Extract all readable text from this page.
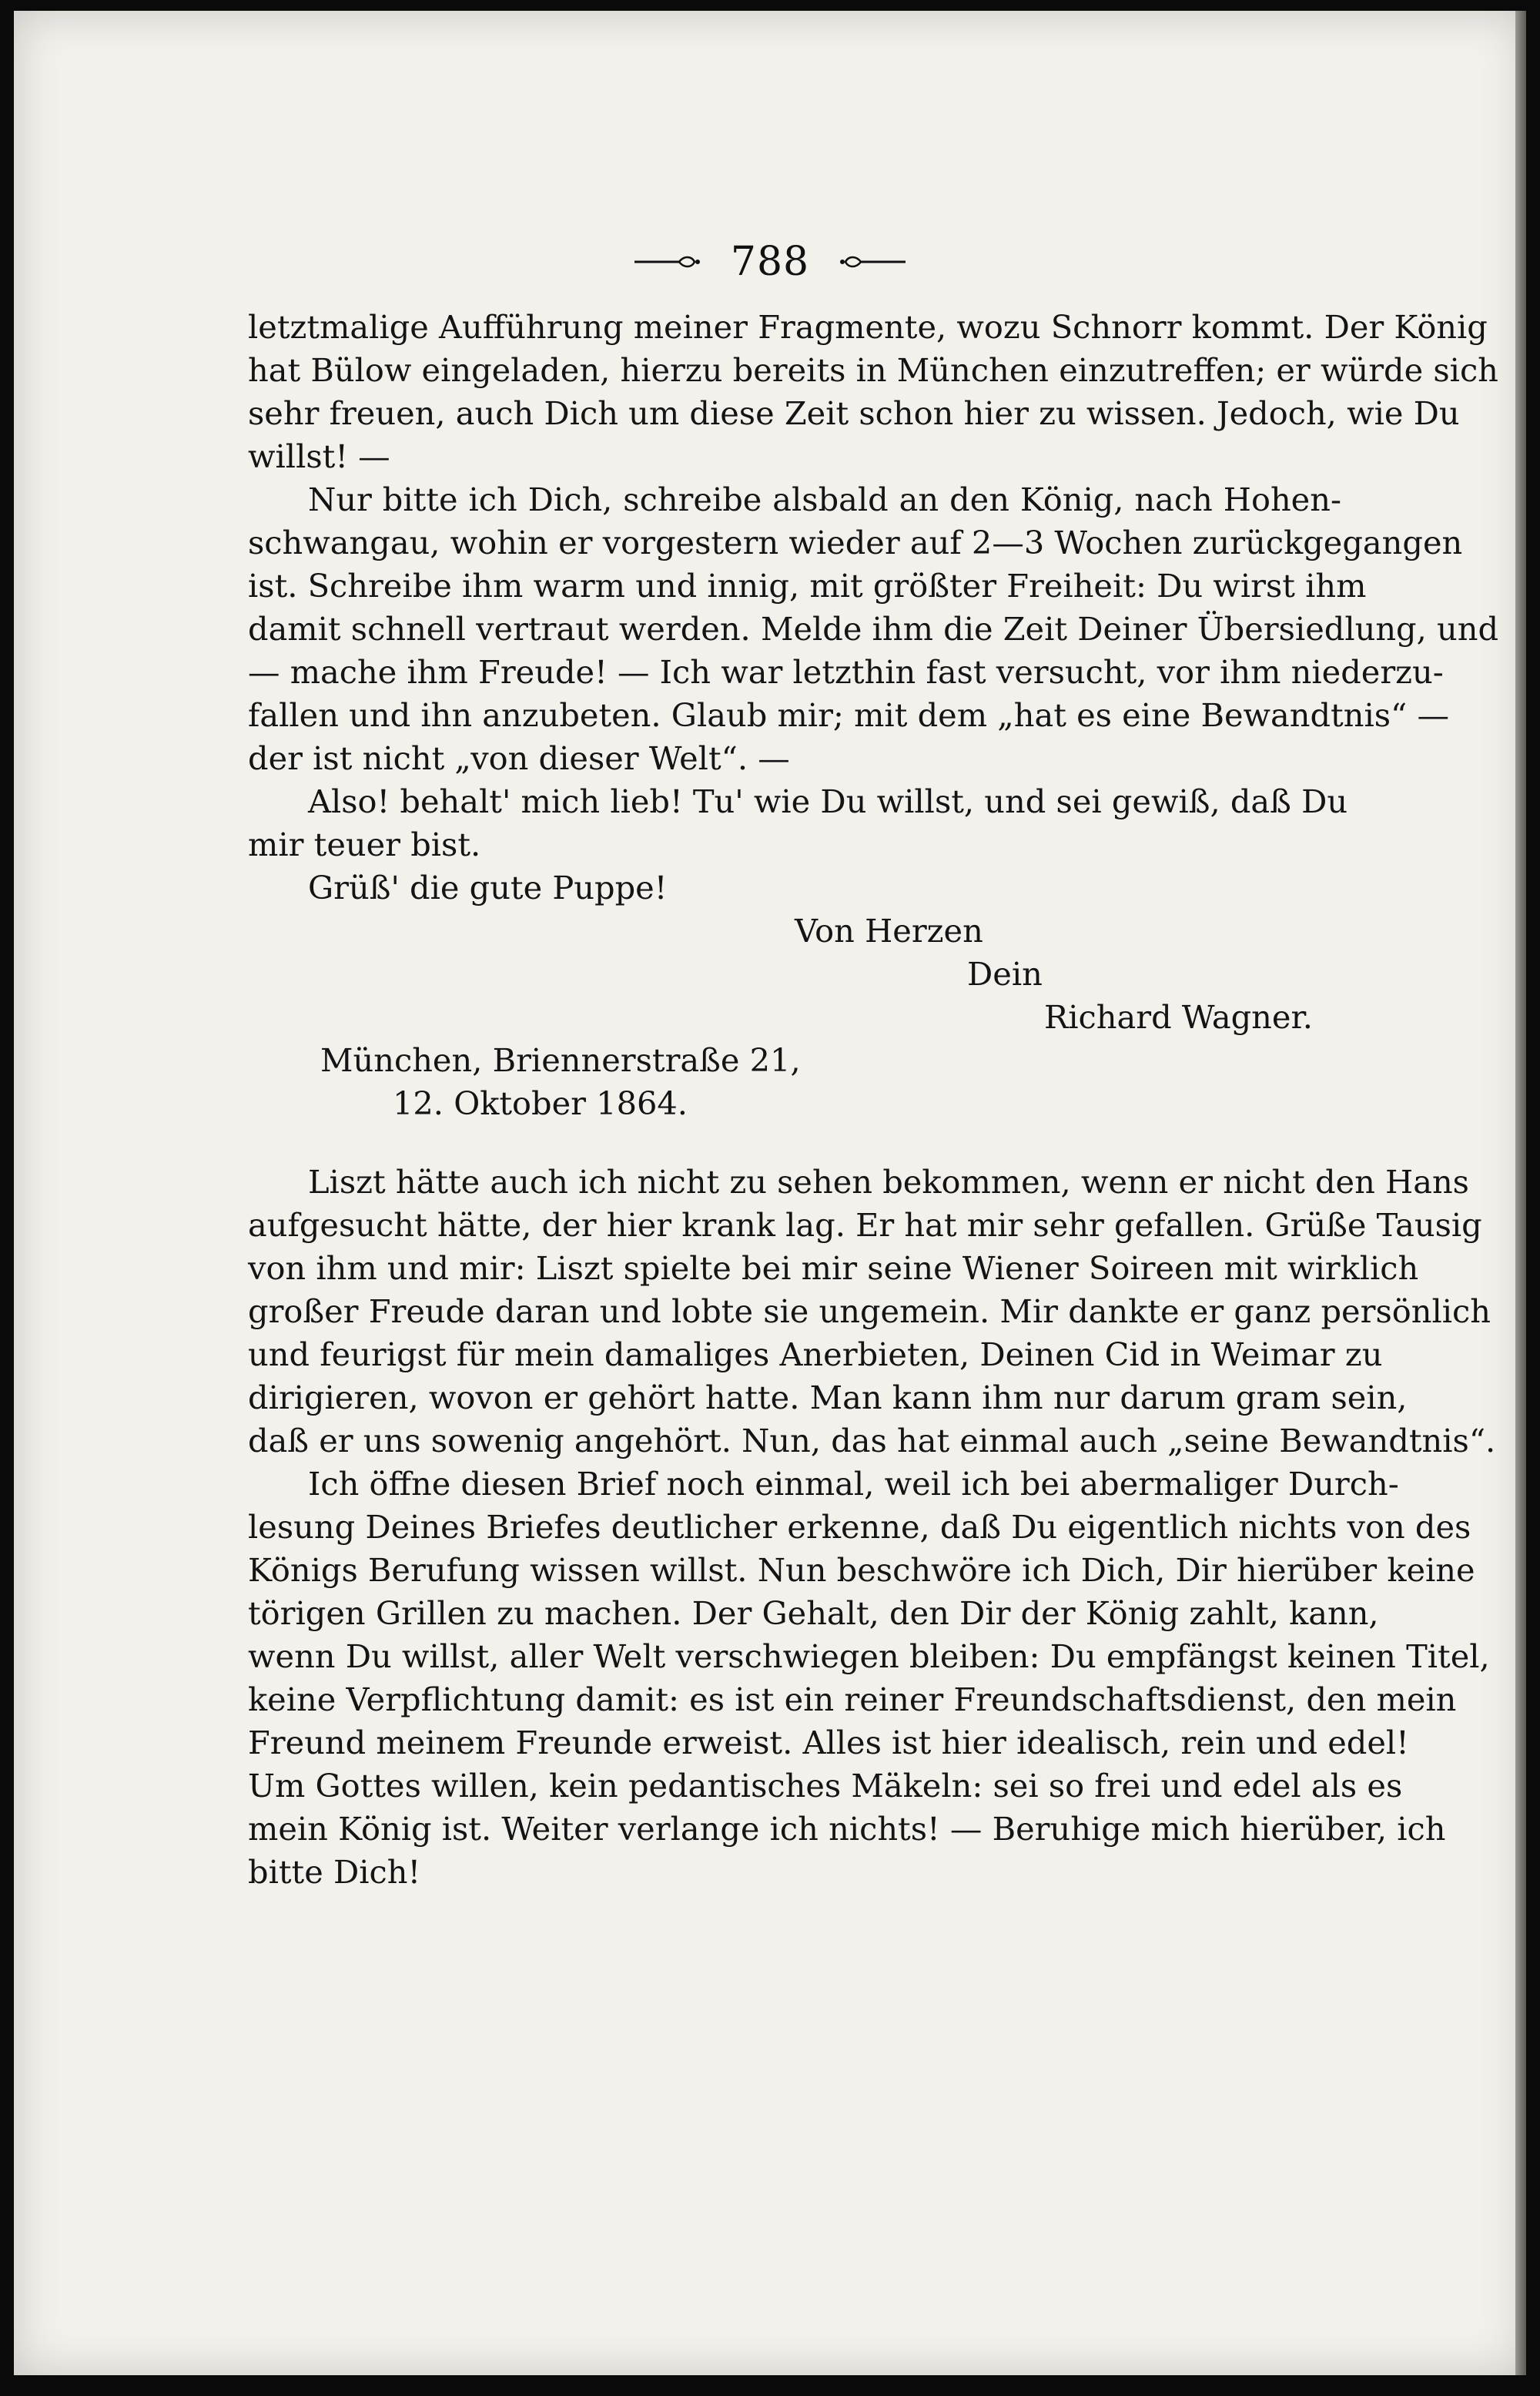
788
letztmalige Aufführung meiner Fragmente, wozu Schnorr kommt. Der König
hat Bülow eingeladen, hierzu bereits in München einzutreffen; er würde sich
sehr freuen, auch Dich um diese Zeit schon hier zu wissen. Jedoch, wie Du
willst! —
Nur bitte ich Dich, schreibe alsbald an den König, nach Hohen-
schwangau, wohin er vorgestern wieder auf 2—3 Wochen zurückgegangen
ist. Schreibe ihm warm und innig, mit größter Freiheit: Du wirst ihm
damit schnell vertraut werden. Melde ihm die Zeit Deiner Übersiedlung, und
— mache ihm Freude! — Ich war letzthin fast versucht, vor ihm niederzu-
fallen und ihn anzubeten. Glaub mir; mit dem „hat es eine Bewandtnis“ —
der ist nicht „von dieser Welt“. —
Also! behalt' mich lieb! Tu' wie Du willst, und sei gewiß, daß Du
mir teuer bist.
Grüß' die gute Puppe!
Von Herzen
Dein
Richard Wagner.
München, Briennerstraße 21,
12. Oktober 1864.
Liszt hätte auch ich nicht zu sehen bekommen, wenn er nicht den Hans
aufgesucht hätte, der hier krank lag. Er hat mir sehr gefallen. Grüße Tausig
von ihm und mir: Liszt spielte bei mir seine Wiener Soireen mit wirklich
großer Freude daran und lobte sie ungemein. Mir dankte er ganz persönlich
und feurigst für mein damaliges Anerbieten, Deinen Cid in Weimar zu
dirigieren, wovon er gehört hatte. Man kann ihm nur darum gram sein,
daß er uns sowenig angehört. Nun, das hat einmal auch „seine Bewandtnis“.
Ich öffne diesen Brief noch einmal, weil ich bei abermaliger Durch-
lesung Deines Briefes deutlicher erkenne, daß Du eigentlich nichts von des
Königs Berufung wissen willst. Nun beschwöre ich Dich, Dir hierüber keine
törigen Grillen zu machen. Der Gehalt, den Dir der König zahlt, kann,
wenn Du willst, aller Welt verschwiegen bleiben: Du empfängst keinen Titel,
keine Verpflichtung damit: es ist ein reiner Freundschaftsdienst, den mein
Freund meinem Freunde erweist. Alles ist hier idealisch, rein und edel!
Um Gottes willen, kein pedantisches Mäkeln: sei so frei und edel als es
mein König ist. Weiter verlange ich nichts! — Beruhige mich hierüber, ich
bitte Dich!
